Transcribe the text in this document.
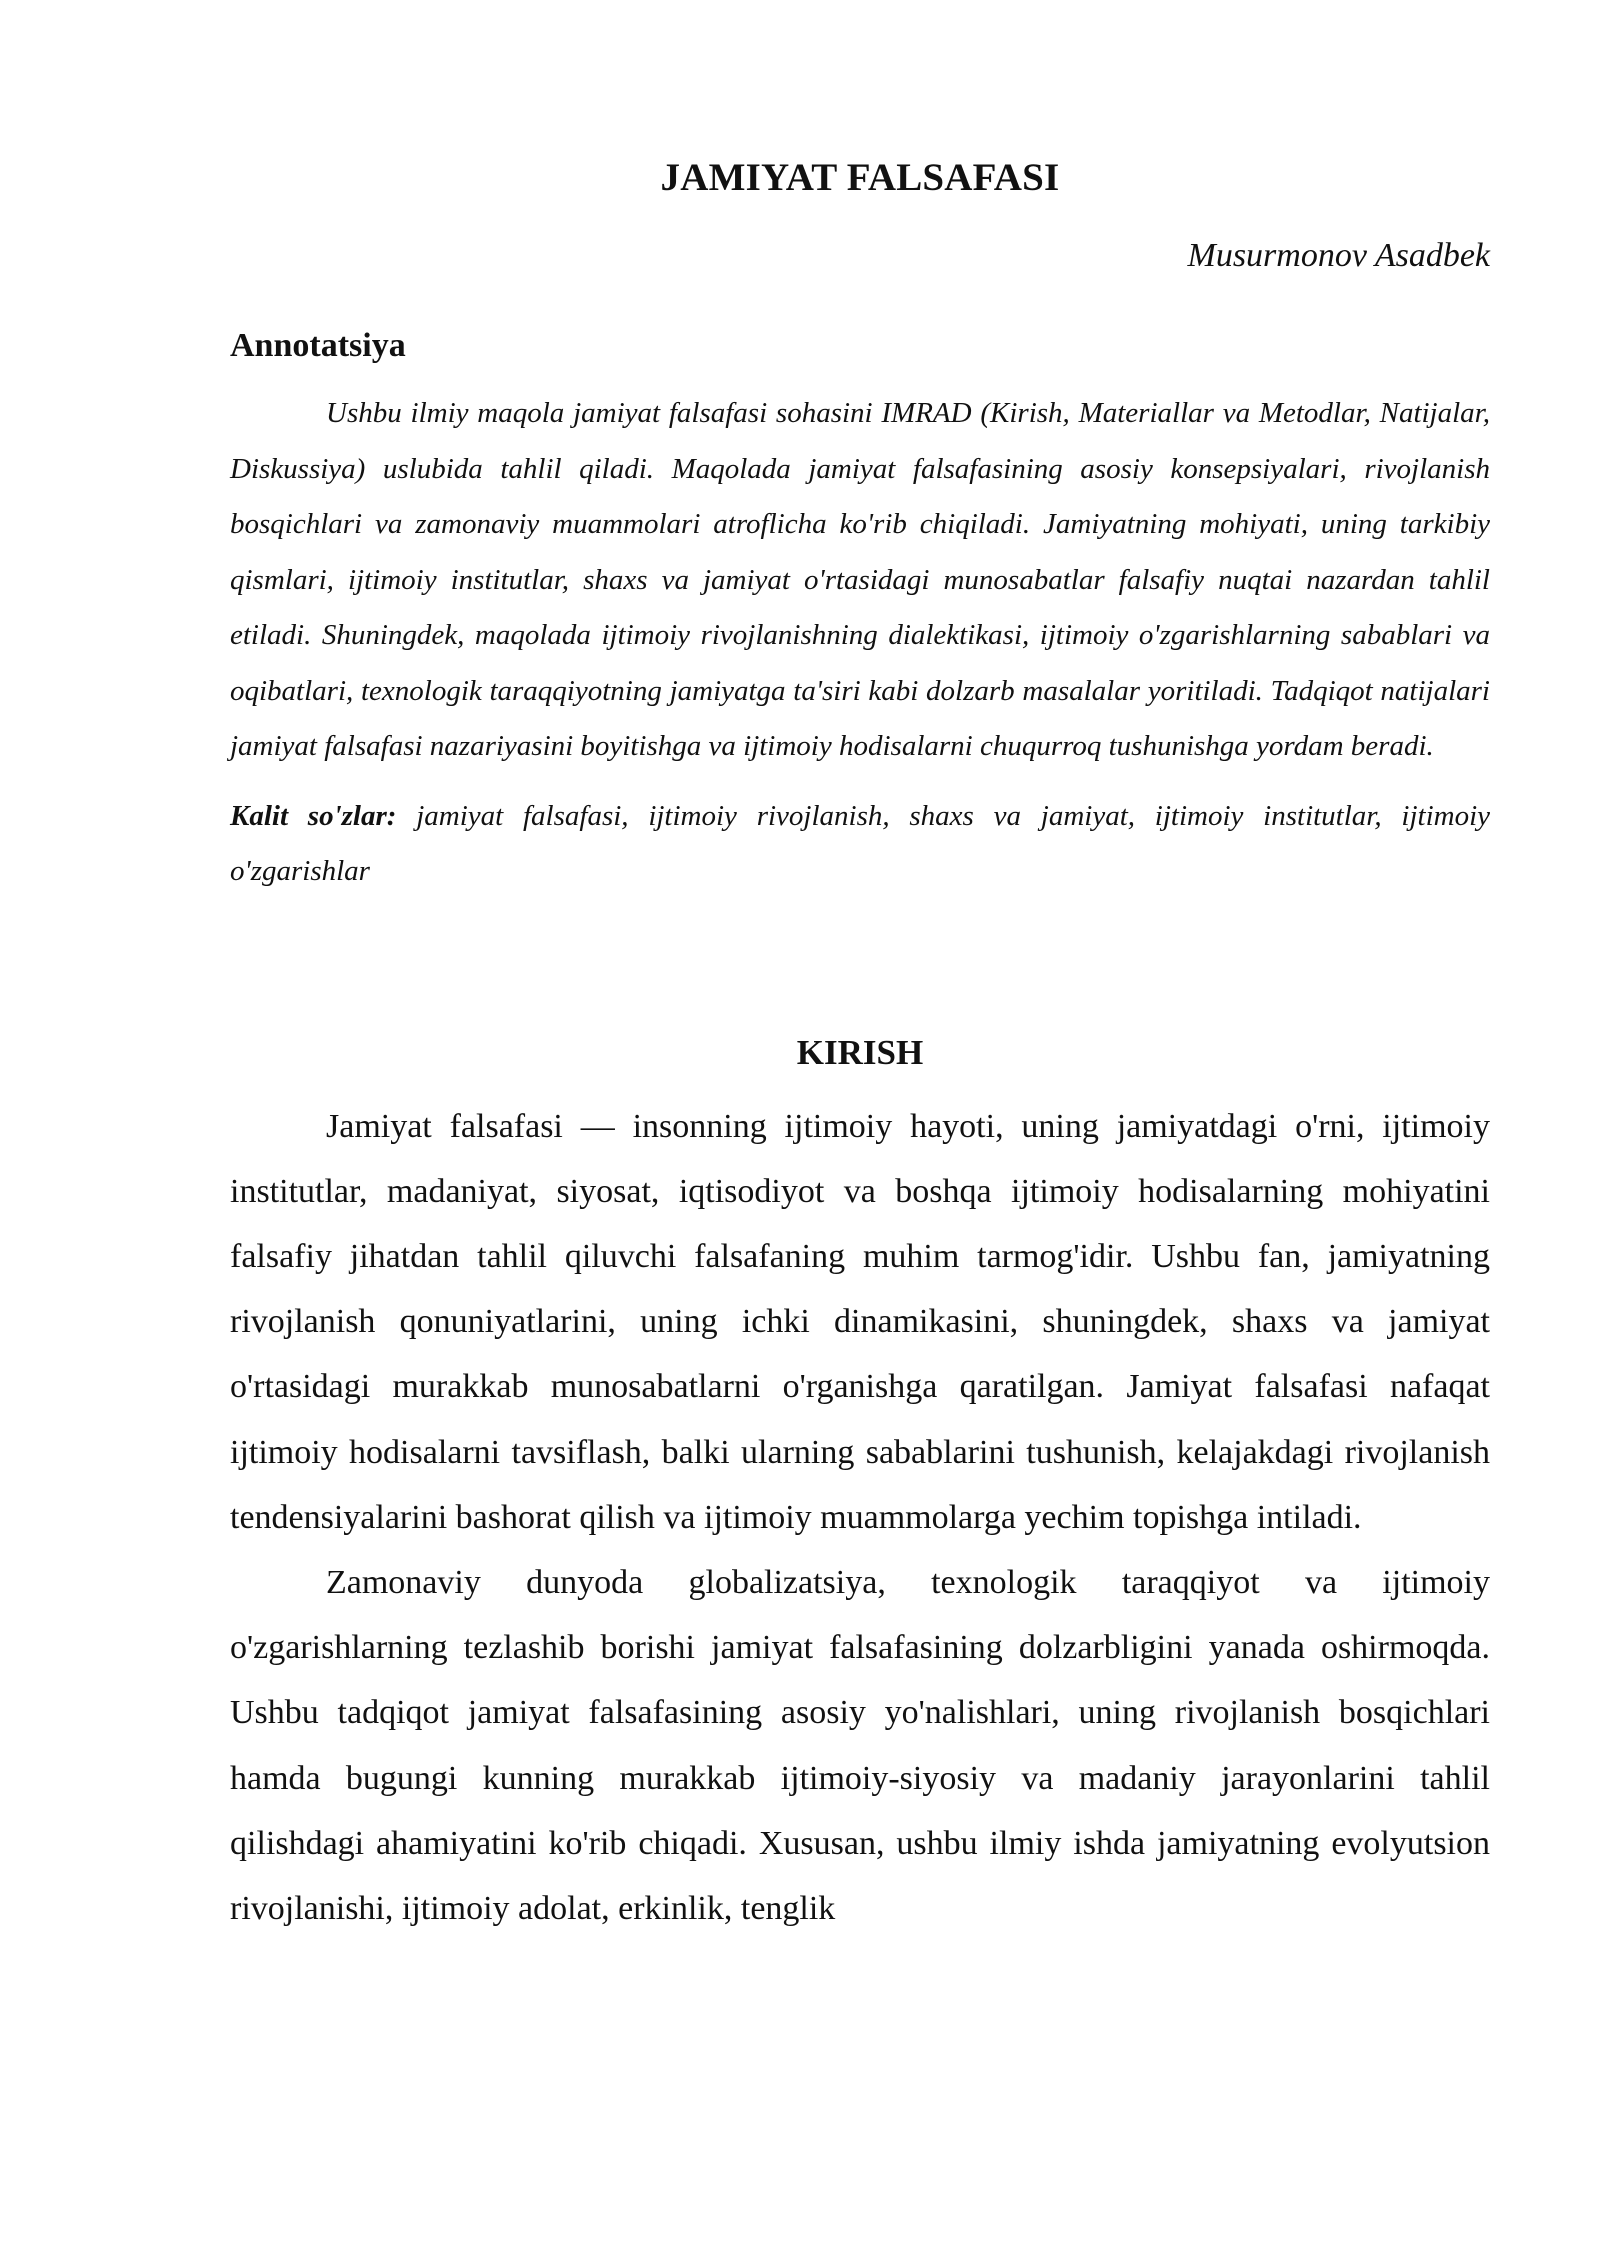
JAMIYAT FALSAFASI
Musurmonov Asadbek
Annotatsiya

Ushbu ilmiy maqola jamiyat falsafasi sohasini IMRAD (Kirish, Materiallar va Metodlar, Natijalar, Diskussiya) uslubida tahlil qiladi. Maqolada jamiyat falsafasining asosiy konsepsiyalari, rivojlanish bosqichlari va zamonaviy muammolari atroflicha ko'rib chiqiladi. Jamiyatning mohiyati, uning tarkibiy qismlari, ijtimoiy institutlar, shaxs va jamiyat o'rtasidagi munosabatlar falsafiy nuqtai nazardan tahlil etiladi. Shuningdek, maqolada ijtimoiy rivojlanishning dialektikasi, ijtimoiy o'zgarishlarning sabablari va oqibatlari, texnologik taraqqiyotning jamiyatga ta'siri kabi dolzarb masalalar yoritiladi. Tadqiqot natijalari jamiyat falsafasi nazariyasini boyitishga va ijtimoiy hodisalarni chuqurroq tushunishga yordam beradi.

Kalit so'zlar: jamiyat falsafasi, ijtimoiy rivojlanish, shaxs va jamiyat, ijtimoiy institutlar, ijtimoiy o'zgarishlar

KIRISH

Jamiyat falsafasi — insonning ijtimoiy hayoti, uning jamiyatdagi o'rni, ijtimoiy institutlar, madaniyat, siyosat, iqtisodiyot va boshqa ijtimoiy hodisalarning mohiyatini falsafiy jihatdan tahlil qiluvchi falsafaning muhim tarmog'idir. Ushbu fan, jamiyatning rivojlanish qonuniyatlarini, uning ichki dinamikasini, shuningdek, shaxs va jamiyat o'rtasidagi murakkab munosabatlarni o'rganishga qaratilgan. Jamiyat falsafasi nafaqat ijtimoiy hodisalarni tavsiflash, balki ularning sabablarini tushunish, kelajakdagi rivojlanish tendensiyalarini bashorat qilish va ijtimoiy muammolarga yechim topishga intiladi.

Zamonaviy dunyoda globalizatsiya, texnologik taraqqiyot va ijtimoiy o'zgarishlarning tezlashib borishi jamiyat falsafasining dolzarbligini yanada oshirmoqda. Ushbu tadqiqot jamiyat falsafasining asosiy yo'nalishlari, uning rivojlanish bosqichlari hamda bugungi kunning murakkab ijtimoiy-siyosiy va madaniy jarayonlarini tahlil qilishdagi ahamiyatini ko'rib chiqadi. Xususan, ushbu ilmiy ishda jamiyatning evolyutsion rivojlanishi, ijtimoiy adolat, erkinlik, tenglik
